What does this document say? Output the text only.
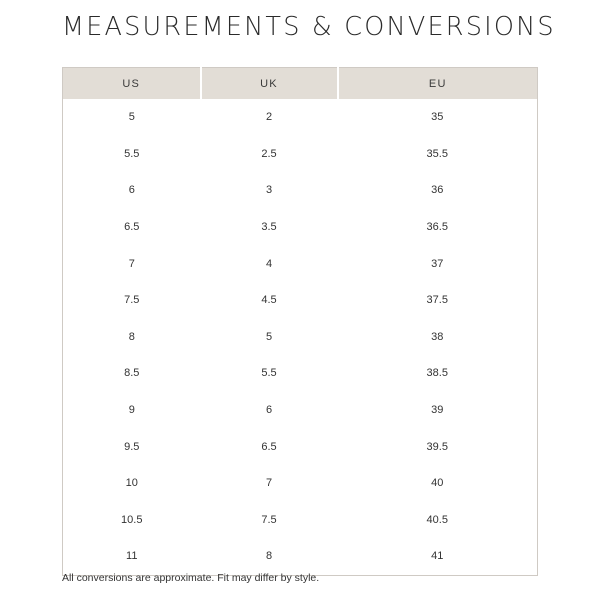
MEASUREMENTS & CONVERSIONS
US	UK	EU
5	2	35
5.5	2.5	35.5
6	3	36
6.5	3.5	36.5
7	4	37
7.5	4.5	37.5
8	5	38
8.5	5.5	38.5
9	6	39
9.5	6.5	39.5
10	7	40
10.5	7.5	40.5
11	8	41

All conversions are approximate. Fit may differ by style.
